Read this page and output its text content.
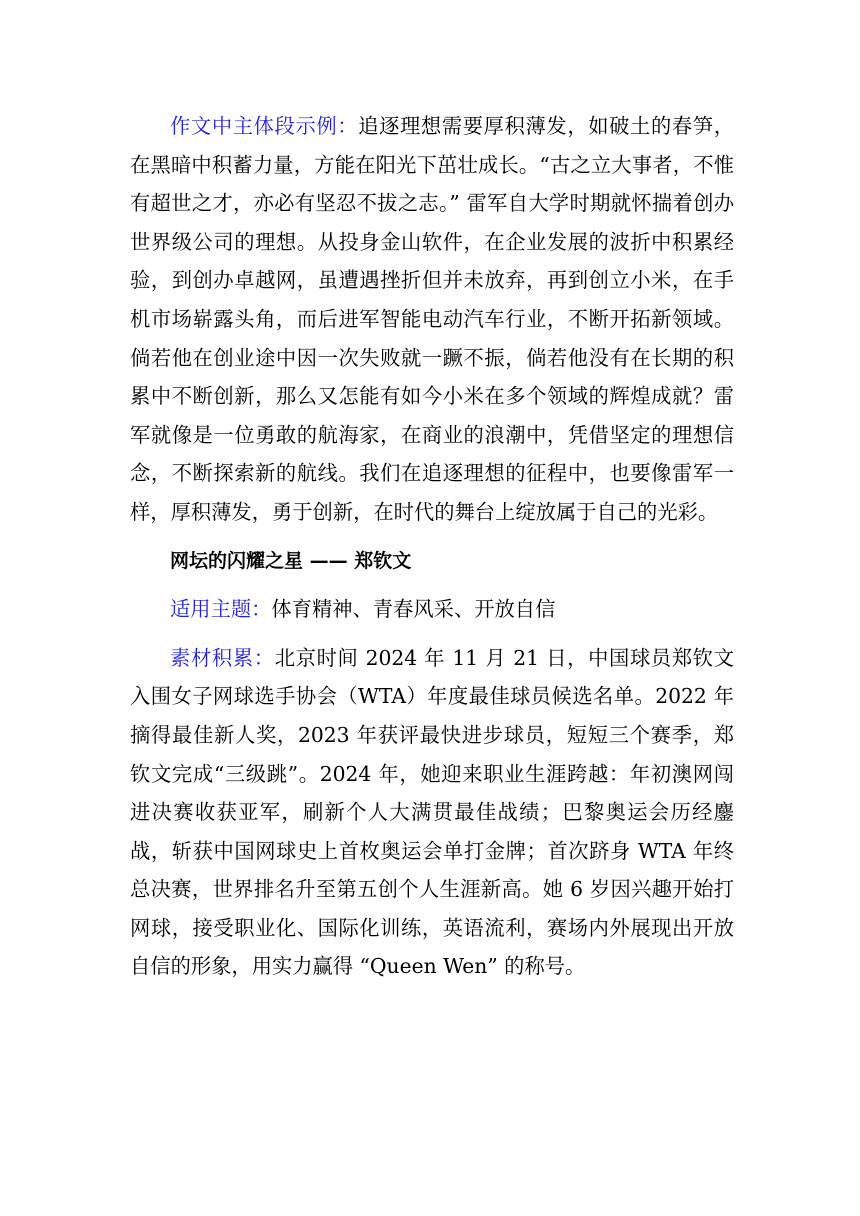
作文中主体段示例：追逐理想需要厚积薄发，如破土的春笋，在黑暗中积蓄力量，方能在阳光下茁壮成长。“古之立大事者，不惟有超世之才，亦必有坚忍不拔之志。” 雷军自大学时期就怀揣着创办世界级公司的理想。从投身金山软件，在企业发展的波折中积累经验，到创办卓越网，虽遭遇挫折但并未放弃，再到创立小米，在手机市场崭露头角，而后进军智能电动汽车行业，不断开拓新领域。倘若他在创业途中因一次失败就一蹶不振，倘若他没有在长期的积累中不断创新，那么又怎能有如今小米在多个领域的辉煌成就？雷军就像是一位勇敢的航海家，在商业的浪潮中，凭借坚定的理想信念，不断探索新的航线。我们在追逐理想的征程中，也要像雷军一样，厚积薄发，勇于创新，在时代的舞台上绽放属于自己的光彩。

网坛的闪耀之星 —— 郑钦文

适用主题：体育精神、青春风采、开放自信

素材积累：北京时间 2024 年 11 月 21 日，中国球员郑钦文入围女子网球选手协会（WTA）年度最佳球员候选名单。2022 年摘得最佳新人奖，2023 年获评最快进步球员，短短三个赛季，郑钦文完成“三级跳”。2024 年，她迎来职业生涯跨越：年初澳网闯进决赛收获亚军，刷新个人大满贯最佳战绩；巴黎奥运会历经鏖战，斩获中国网球史上首枚奥运会单打金牌；首次跻身 WTA 年终总决赛，世界排名升至第五创个人生涯新高。她 6 岁因兴趣开始打网球，接受职业化、国际化训练，英语流利，赛场内外展现出开放自信的形象，用实力赢得 “Queen Wen” 的称号。
